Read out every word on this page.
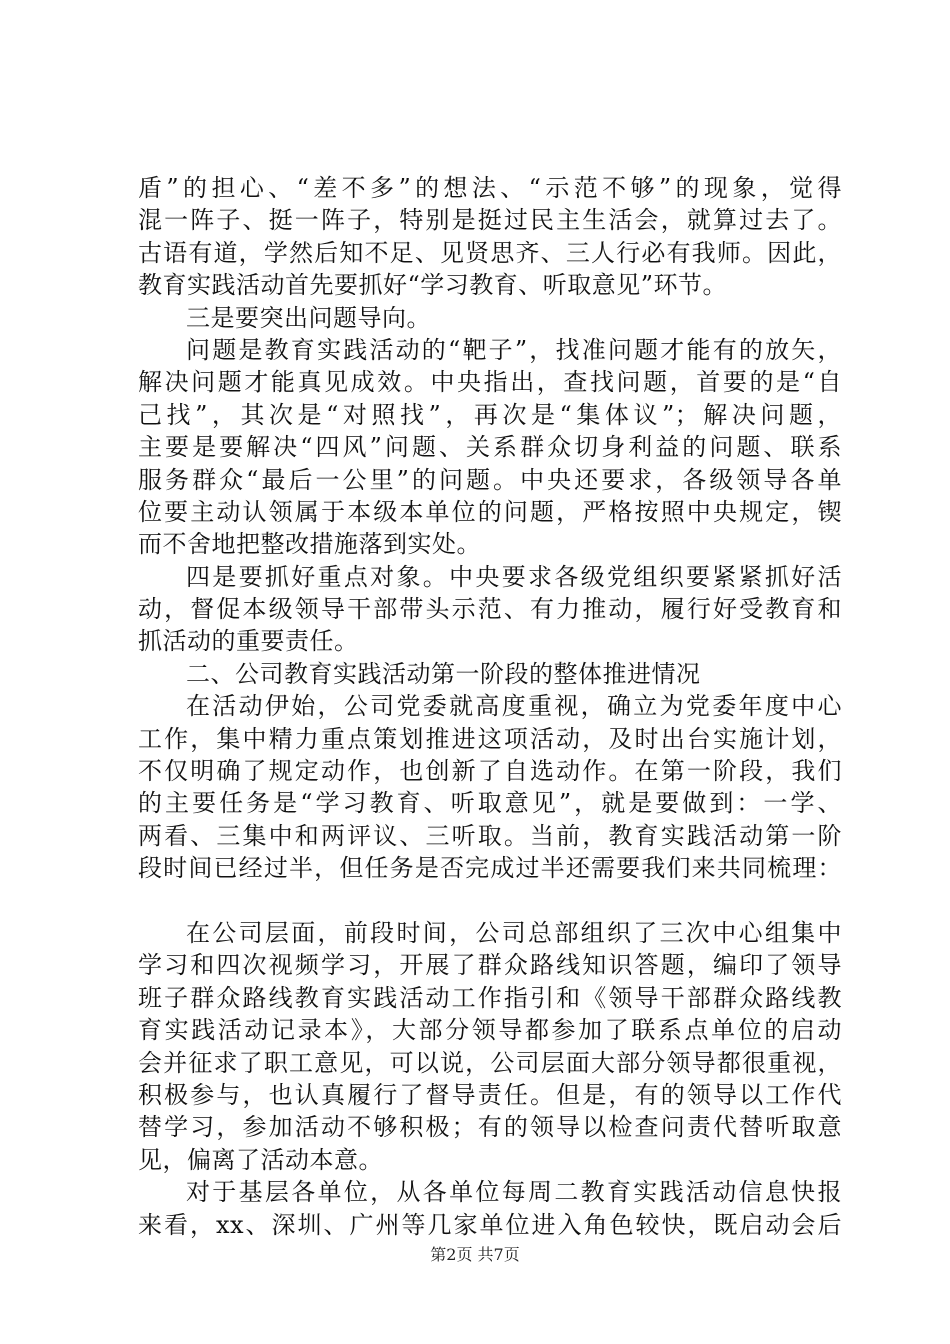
盾”的担心、“差不多”的想法、“示范不够”的现象，觉得
混一阵子、挺一阵子，特别是挺过民主生活会，就算过去了。
古语有道，学然后知不足、见贤思齐、三人行必有我师。因此，
教育实践活动首先要抓好“学习教育、听取意见”环节。
三是要突出问题导向。
问题是教育实践活动的“靶子”，找准问题才能有的放矢，
解决问题才能真见成效。中央指出，查找问题，首要的是“自
己找”，其次是“对照找”，再次是“集体议”；解决问题，
主要是要解决“四风”问题、关系群众切身利益的问题、联系
服务群众“最后一公里”的问题。中央还要求，各级领导各单
位要主动认领属于本级本单位的问题，严格按照中央规定，锲
而不舍地把整改措施落到实处。
四是要抓好重点对象。中央要求各级党组织要紧紧抓好活
动，督促本级领导干部带头示范、有力推动，履行好受教育和
抓活动的重要责任。
二、公司教育实践活动第一阶段的整体推进情况
在活动伊始，公司党委就高度重视，确立为党委年度中心
工作，集中精力重点策划推进这项活动，及时出台实施计划，
不仅明确了规定动作，也创新了自选动作。在第一阶段，我们
的主要任务是“学习教育、听取意见”，就是要做到：一学、
两看、三集中和两评议、三听取。当前，教育实践活动第一阶
段时间已经过半，但任务是否完成过半还需要我们来共同梳理：
在公司层面，前段时间，公司总部组织了三次中心组集中
学习和四次视频学习，开展了群众路线知识答题，编印了领导
班子群众路线教育实践活动工作指引和《领导干部群众路线教
育实践活动记录本》，大部分领导都参加了联系点单位的启动
会并征求了职工意见，可以说，公司层面大部分领导都很重视，
积极参与，也认真履行了督导责任。但是，有的领导以工作代
替学习，参加活动不够积极；有的领导以检查问责代替听取意
见，偏离了活动本意。
对于基层各单位，从各单位每周二教育实践活动信息快报
来看，xx、深圳、广州等几家单位进入角色较快，既启动会后
第2页 共7页
